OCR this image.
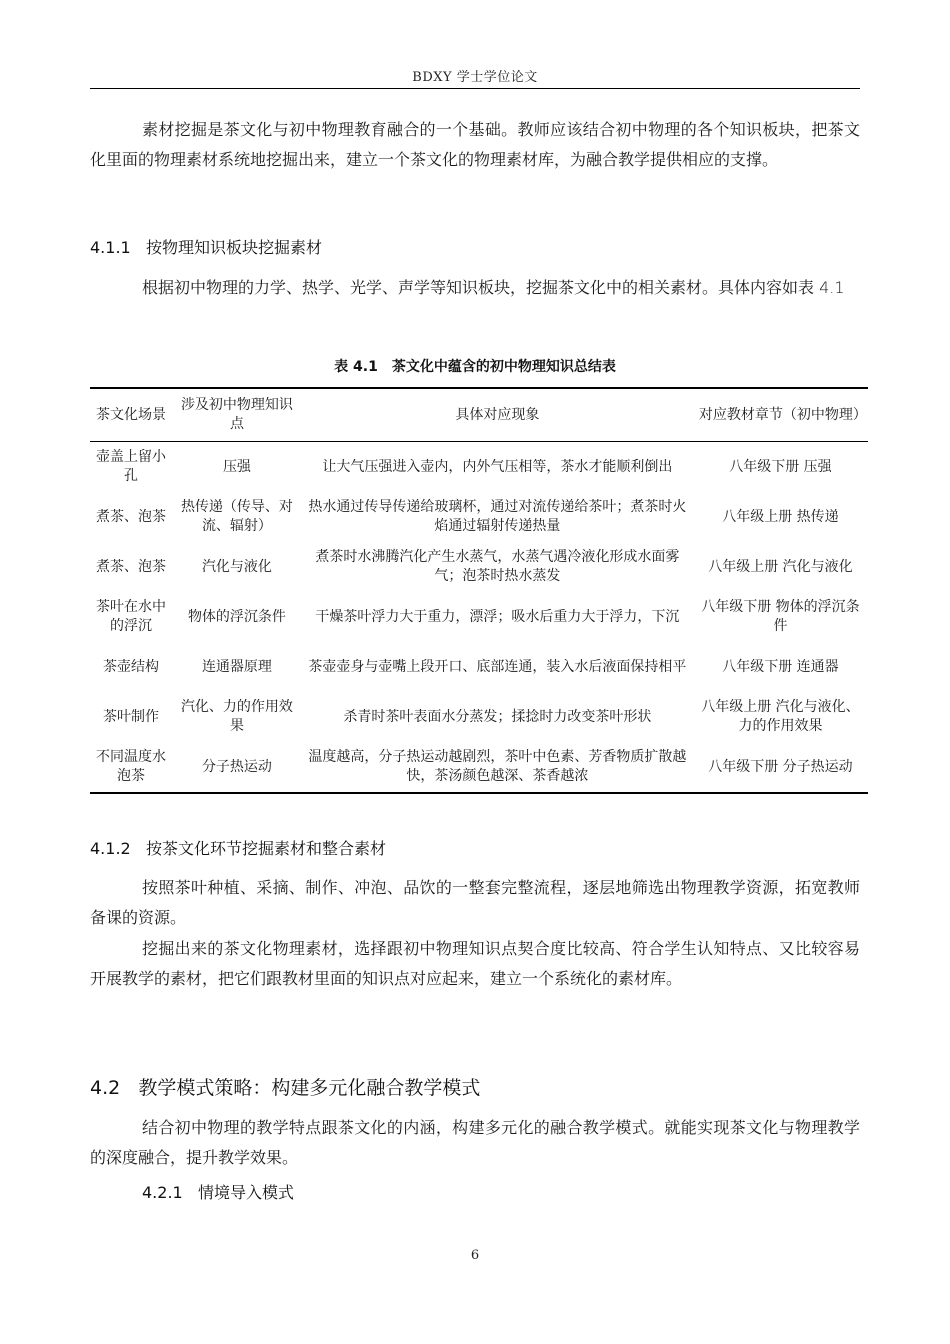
BDXY 学士学位论文

素材挖掘是茶文化与初中物理教育融合的一个基础。教师应该结合初中物理的各个知识板块，把茶文化里面的物理素材系统地挖掘出来，建立一个茶文化的物理素材库，为融合教学提供相应的支撑。

4.1.1 按物理知识板块挖掘素材

根据初中物理的力学、热学、光学、声学等知识板块，挖掘茶文化中的相关素材。具体内容如表 4.1

表 4.1　茶文化中蕴含的初中物理知识总结表
茶文化场景	涉及初中物理知识点	具体对应现象	对应教材章节（初中物理）
壶盖上留小孔	压强	让大气压强进入壶内，内外气压相等，茶水才能顺利倒出	八年级下册 压强
煮茶、泡茶	热传递（传导、对流、辐射）	热水通过传导传递给玻璃杯，通过对流传递给茶叶；煮茶时火焰通过辐射传递热量	八年级上册 热传递
煮茶、泡茶	汽化与液化	煮茶时水沸腾汽化产生水蒸气，水蒸气遇冷液化形成水面雾气；泡茶时热水蒸发	八年级上册 汽化与液化
茶叶在水中的浮沉	物体的浮沉条件	干燥茶叶浮力大于重力，漂浮；吸水后重力大于浮力，下沉	八年级下册 物体的浮沉条件
茶壶结构	连通器原理	茶壶壶身与壶嘴上段开口、底部连通，装入水后液面保持相平	八年级下册 连通器
茶叶制作	汽化、力的作用效果	杀青时茶叶表面水分蒸发；揉捻时力改变茶叶形状	八年级上册 汽化与液化、力的作用效果
不同温度水泡茶	分子热运动	温度越高，分子热运动越剧烈，茶叶中色素、芳香物质扩散越快，茶汤颜色越深、茶香越浓	八年级下册 分子热运动
4.1.2 按茶文化环节挖掘素材和整合素材

按照茶叶种植、采摘、制作、冲泡、品饮的一整套完整流程，逐层地筛选出物理教学资源，拓宽教师备课的资源。

挖掘出来的茶文化物理素材，选择跟初中物理知识点契合度比较高、符合学生认知特点、又比较容易开展教学的素材，把它们跟教材里面的知识点对应起来，建立一个系统化的素材库。

4.2 教学模式策略：构建多元化融合教学模式

结合初中物理的教学特点跟茶文化的内涵，构建多元化的融合教学模式。就能实现茶文化与物理教学的深度融合，提升教学效果。

4.2.1 情境导入模式
6
